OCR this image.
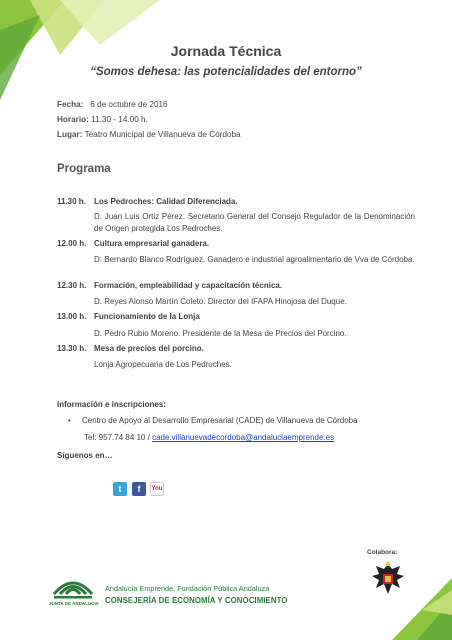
Jornada Técnica
“Somos dehesa: las potencialidades del entorno”
Fecha: 6 de octubre de 2016
Horario: 11.30 - 14.00 h.
Lugar: Teatro Municipal de Villanueva de Córdoba
Programa
11.30 h. Los Pedroches: Calidad Diferenciada.
D. Juan Luis Ortiz Pérez. Secretario General del Consejo Regulador de la Denominación de Origen protegida Los Pedroches.
12.00 h. Cultura empresarial ganadera.
D. Bernardo Blanco Rodríguez. Ganadero e industrial agroalimentario de Vva de Córdoba.
12.30 h. Formación, empleabilidad y capacitación técnica.
D. Reyes Alonso Martín Coleto. Director del IFAPA Hinojosa del Duque.
13.00 h. Funcionamiento de la Lonja
D. Pedro Rubio Moreno. Presidente de la Mesa de Precios del Porcino.
13.30 h. Mesa de precios del porcino.
Lonja Agropecuaria de Los Pedroches.
Información e inscripciones:
• Centro de Apoyo al Desarrollo Empresarial (CADE) de Villanueva de Córdoba
Tel: 957.74 84 10 / cade.villanuevadecordoba@andaluciaemprende.es
Síguenos en…
t	f	You
Colabora:
JUNTA DE ANDALUCIA
Andalucía Emprende, Fundación Pública Andaluza
CONSEJERÍA DE ECONOMÍA Y CONOCIMIENTO
